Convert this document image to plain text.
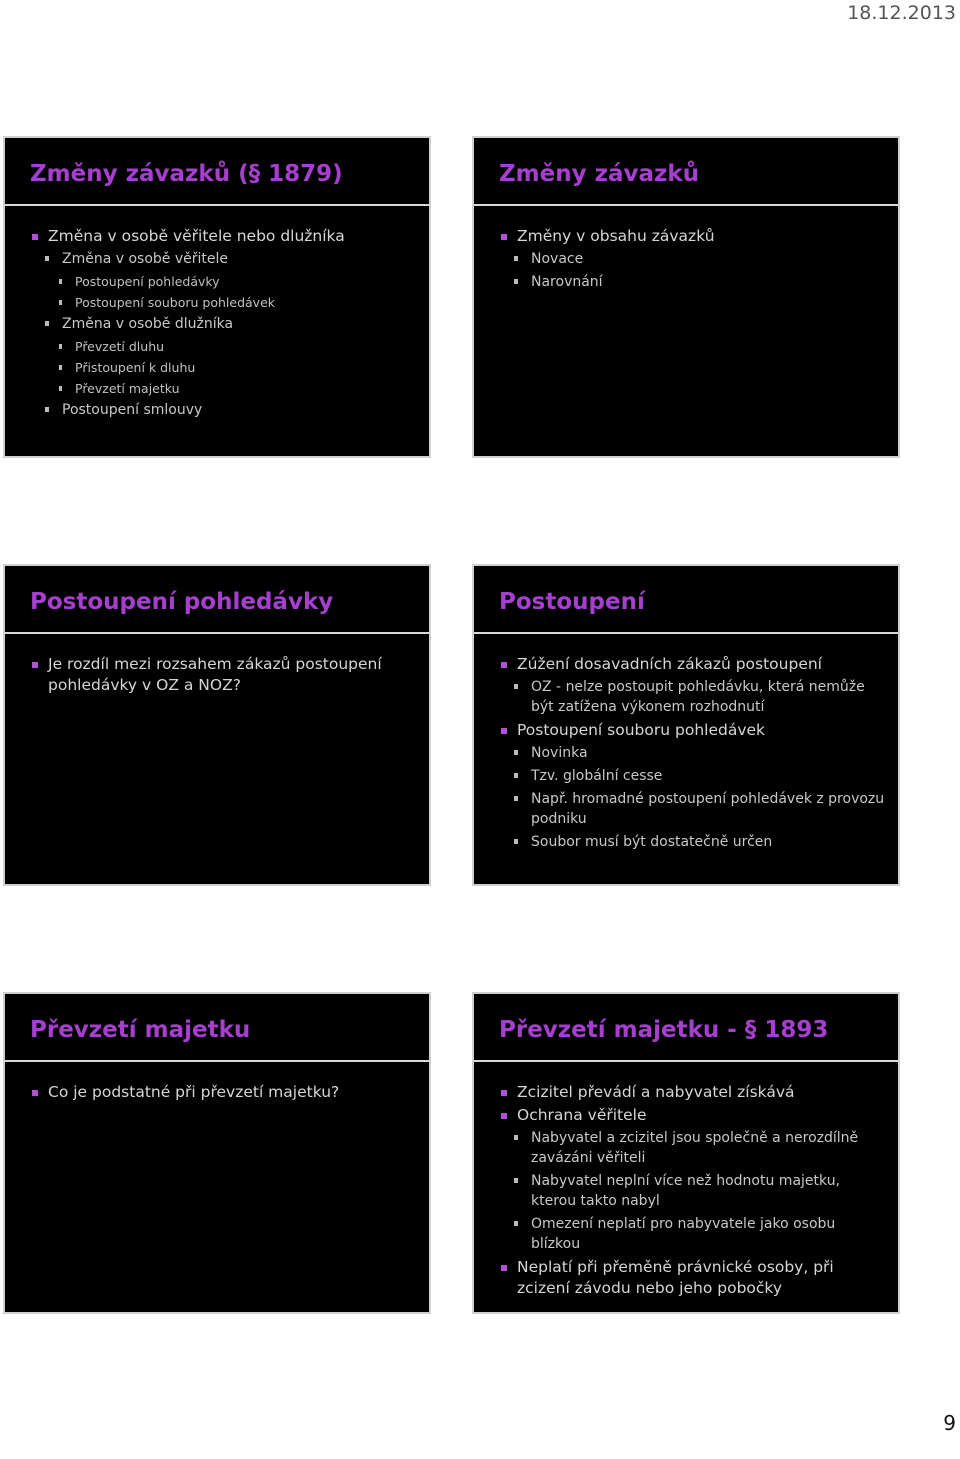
18.12.2013
Změny závazků (§ 1879)
Změna v osobě věřitele nebo dlužníka
Změna v osobě věřitele
Postoupení pohledávky
Postoupení souboru pohledávek
Změna v osobě dlužníka
Převzetí dluhu
Přistoupení k dluhu
Převzetí majetku
Postoupení smlouvy
Změny závazků
Změny v obsahu závazků
Novace
Narovnání
Postoupení pohledávky
Je rozdíl mezi rozsahem zákazů postoupení pohledávky v OZ a NOZ?
Postoupení
Zúžení dosavadních zákazů postoupení
OZ - nelze postoupit pohledávku, která nemůže být zatížena výkonem rozhodnutí
Postoupení souboru pohledávek
Novinka
Tzv. globální cesse
Např. hromadné postoupení pohledávek z provozu podniku
Soubor musí být dostatečně určen
Převzetí majetku
Co je podstatné při převzetí majetku?
Převzetí majetku - § 1893
Zcizitel převádí a nabyvatel získává
Ochrana věřitele
Nabyvatel a zcizitel jsou společně a nerozdílně zavázáni věřiteli
Nabyvatel neplní více než hodnotu majetku, kterou takto nabyl
Omezení neplatí pro nabyvatele jako osobu blízkou
Neplatí při přeměně právnické osoby, při zcizení závodu nebo jeho pobočky
9
